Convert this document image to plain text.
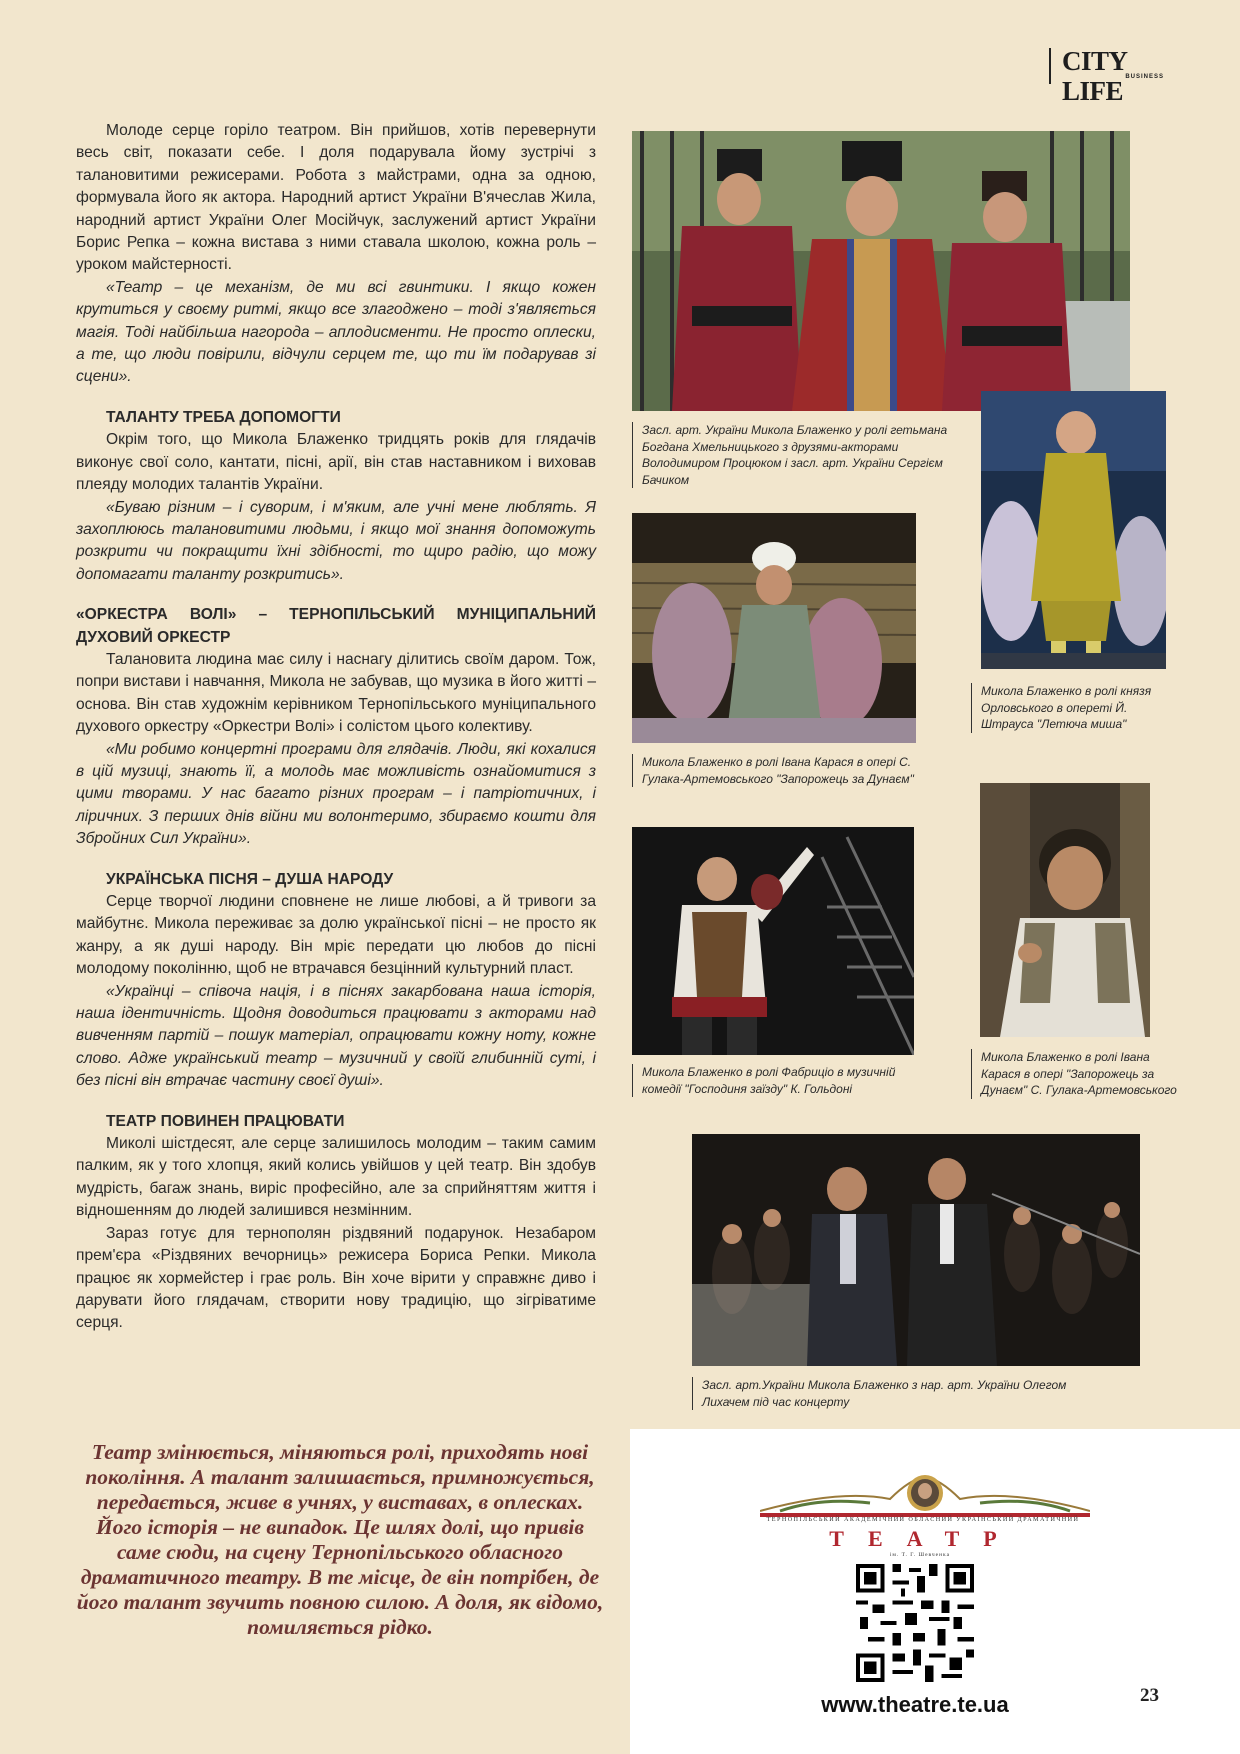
CITY LIFE BUSINESS

Молоде серце горіло театром. Він прийшов, хотів перевернути весь світ, показати себе. І доля подарувала йому зустрічі з талановитими режисерами. Робота з майстрами, одна за одною, формувала його як актора. Народний артист України В'ячеслав Жила, народний артист України Олег Мосійчук, заслужений артист України Борис Репка – кожна вистава з ними ставала школою, кожна роль – уроком майстерності.

«Театр – це механізм, де ми всі гвинтики. І якщо кожен крутиться у своєму ритмі, якщо все злагоджено – тоді з'являється магія. Тоді найбільша нагорода – аплодисменти. Не просто оплески, а те, що люди повірили, відчули серцем те, що ти їм подарував зі сцени».

ТАЛАНТУ ТРЕБА ДОПОМОГТИ

Окрім того, що Микола Блаженко тридцять років для глядачів виконує свої соло, кантати, пісні, арії, він став наставником і виховав плеяду молодих талантів України.

«Буваю різним – і суворим, і м'яким, але учні мене люблять. Я захоплююсь талановитими людьми, і якщо мої знання допоможуть розкрити чи покращити їхні здібності, то щиро радію, що можу допомагати таланту розкритись».

«ОРКЕСТРА ВОЛІ» – ТЕРНОПІЛЬСЬКИЙ МУНІЦИПАЛЬНИЙ ДУХОВИЙ ОРКЕСТР

Талановита людина має силу і наснагу ділитись своїм даром. Тож, попри вистави і навчання, Микола не забував, що музика в його житті – основа. Він став художнім керівником Тернопільського муніципального духового оркестру «Оркестри Волі» і солістом цього колективу.

«Ми робимо концертні програми для глядачів. Люди, які кохалися в цій музиці, знають її, а молодь має можливість ознайомитися з цими творами. У нас багато різних програм – і патріотичних, і ліричних. З перших днів війни ми волонтеримо, збираємо кошти для Збройних Сил України».

УКРАЇНСЬКА ПІСНЯ – ДУША НАРОДУ

Серце творчої людини сповнене не лише любові, а й тривоги за майбутнє. Микола переживає за долю української пісні – не просто як жанру, а як душі народу. Він мріє передати цю любов до пісні молодому поколінню, щоб не втрачався безцінний культурний пласт.

«Українці – співоча нація, і в піснях закарбована наша історія, наша ідентичність. Щодня доводиться працювати з акторами над вивченням партій – пошук матеріал, опрацювати кожну ноту, кожне слово. Адже український театр – музичний у своїй глибинній суті, і без пісні він втрачає частину своєї душі».

ТЕАТР ПОВИНЕН ПРАЦЮВАТИ

Миколі шістдесят, але серце залишилось молодим – таким самим палким, як у того хлопця, який колись увійшов у цей театр. Він здобув мудрість, багаж знань, виріс професійно, але за сприйняттям життя і відношенням до людей залишився незмінним.

Зараз готує для тернополян різдвяний подарунок. Незабаром прем'єра «Різдвяних вечорниць» режисера Бориса Репки. Микола працює як хормейстер і грає роль. Він хоче вірити у справжнє диво і дарувати його глядачам, створити нову традицію, що зігріватиме серця.

Засл. арт. України Микола Блаженко у ролі гетьмана Богдана Хмельницького з друзями-акторами Володимиром Процюком і засл. арт. України Сергієм Бачиком
Микола Блаженко в ролі князя Орловського в опереті Й. Штрауса "Летюча миша"
Микола Блаженко в ролі Івана Карася в опері С. Гулака-Артемовського "Запорожець за Дунаєм"
Микола Блаженко в ролі Фабриціо в музичній комедії "Господиня заїзду" К. Гольдоні
Микола Блаженко в ролі Івана Карася в опері "Запорожець за Дунаєм" С. Гулака-Артемовського
Засл. арт.України Микола Блаженко з нар. арт. України Олегом Лихачем під час концерту
Театр змінюється, міняються ролі, приходять нові покоління. А талант залишається, примножується, передається, живе в учнях, у виставах, в оплесках. Його історія – не випадок. Це шлях долі, що привів саме сюди, на сцену Тернопільського обласного драматичного театру. В те місце, де він потрібен, де його талант звучить повною силою. А доля, як відомо, помиляється рідко.
ТЕРНОПІЛЬСЬКИЙ АКАДЕМІЧНИЙ ОБЛАСНИЙ УКРАЇНСЬКИЙ ДРАМАТИЧНИЙ
ТЕАТР
ім. Т. Г. Шевченка
www.theatre.te.ua	23
